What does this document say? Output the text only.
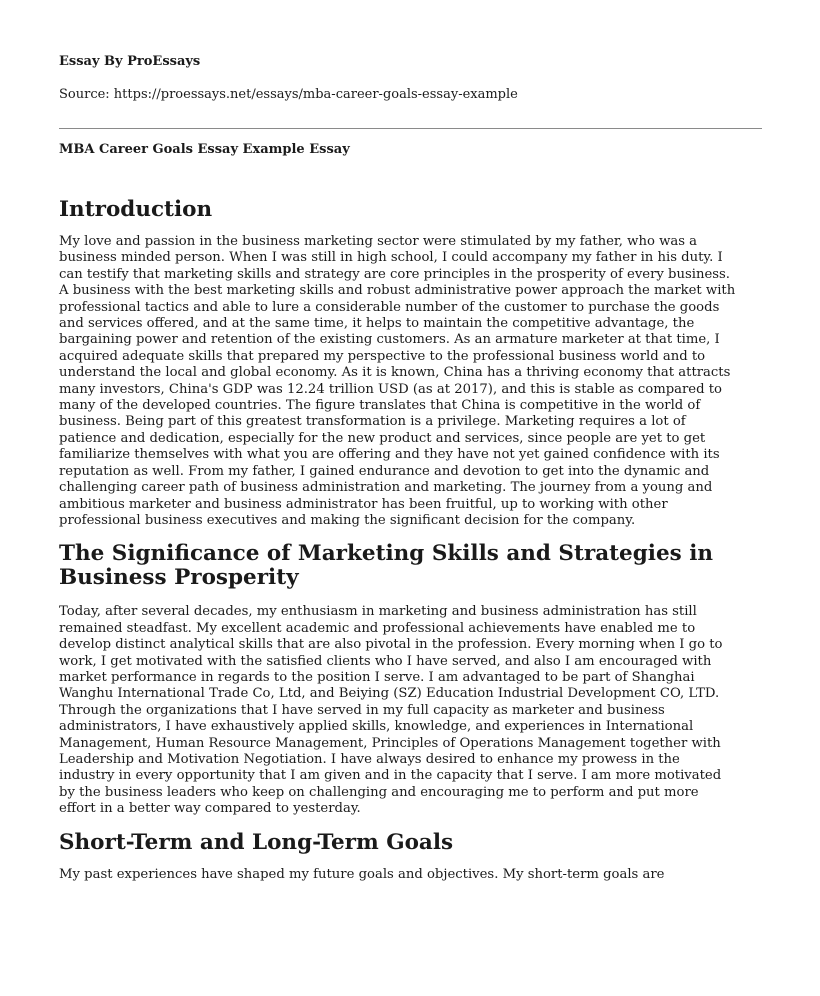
Essay By ProEssays
Source: https://proessays.net/essays/mba-career-goals-essay-example
MBA Career Goals Essay Example Essay
Introduction

My love and passion in the business marketing sector were stimulated by my father, who was a
business minded person. When I was still in high school, I could accompany my father in his duty. I
can testify that marketing skills and strategy are core principles in the prosperity of every business.
A business with the best marketing skills and robust administrative power approach the market with
professional tactics and able to lure a considerable number of the customer to purchase the goods
and services offered, and at the same time, it helps to maintain the competitive advantage, the
bargaining power and retention of the existing customers. As an armature marketer at that time, I
acquired adequate skills that prepared my perspective to the professional business world and to
understand the local and global economy. As it is known, China has a thriving economy that attracts
many investors, China's GDP was 12.24 trillion USD (as at 2017), and this is stable as compared to
many of the developed countries. The figure translates that China is competitive in the world of
business. Being part of this greatest transformation is a privilege. Marketing requires a lot of
patience and dedication, especially for the new product and services, since people are yet to get
familiarize themselves with what you are offering and they have not yet gained confidence with its
reputation as well. From my father, I gained endurance and devotion to get into the dynamic and
challenging career path of business administration and marketing. The journey from a young and
ambitious marketer and business administrator has been fruitful, up to working with other
professional business executives and making the significant decision for the company.

The Significance of Marketing Skills and Strategies in
Business Prosperity

Today, after several decades, my enthusiasm in marketing and business administration has still
remained steadfast. My excellent academic and professional achievements have enabled me to
develop distinct analytical skills that are also pivotal in the profession. Every morning when I go to
work, I get motivated with the satisfied clients who I have served, and also I am encouraged with
market performance in regards to the position I serve. I am advantaged to be part of Shanghai
Wanghu International Trade Co, Ltd, and Beiying (SZ) Education Industrial Development CO, LTD.
Through the organizations that I have served in my full capacity as marketer and business
administrators, I have exhaustively applied skills, knowledge, and experiences in International
Management, Human Resource Management, Principles of Operations Management together with
Leadership and Motivation Negotiation. I have always desired to enhance my prowess in the
industry in every opportunity that I am given and in the capacity that I serve. I am more motivated
by the business leaders who keep on challenging and encouraging me to perform and put more
effort in a better way compared to yesterday.

Short-Term and Long-Term Goals

My past experiences have shaped my future goals and objectives. My short-term goals are
